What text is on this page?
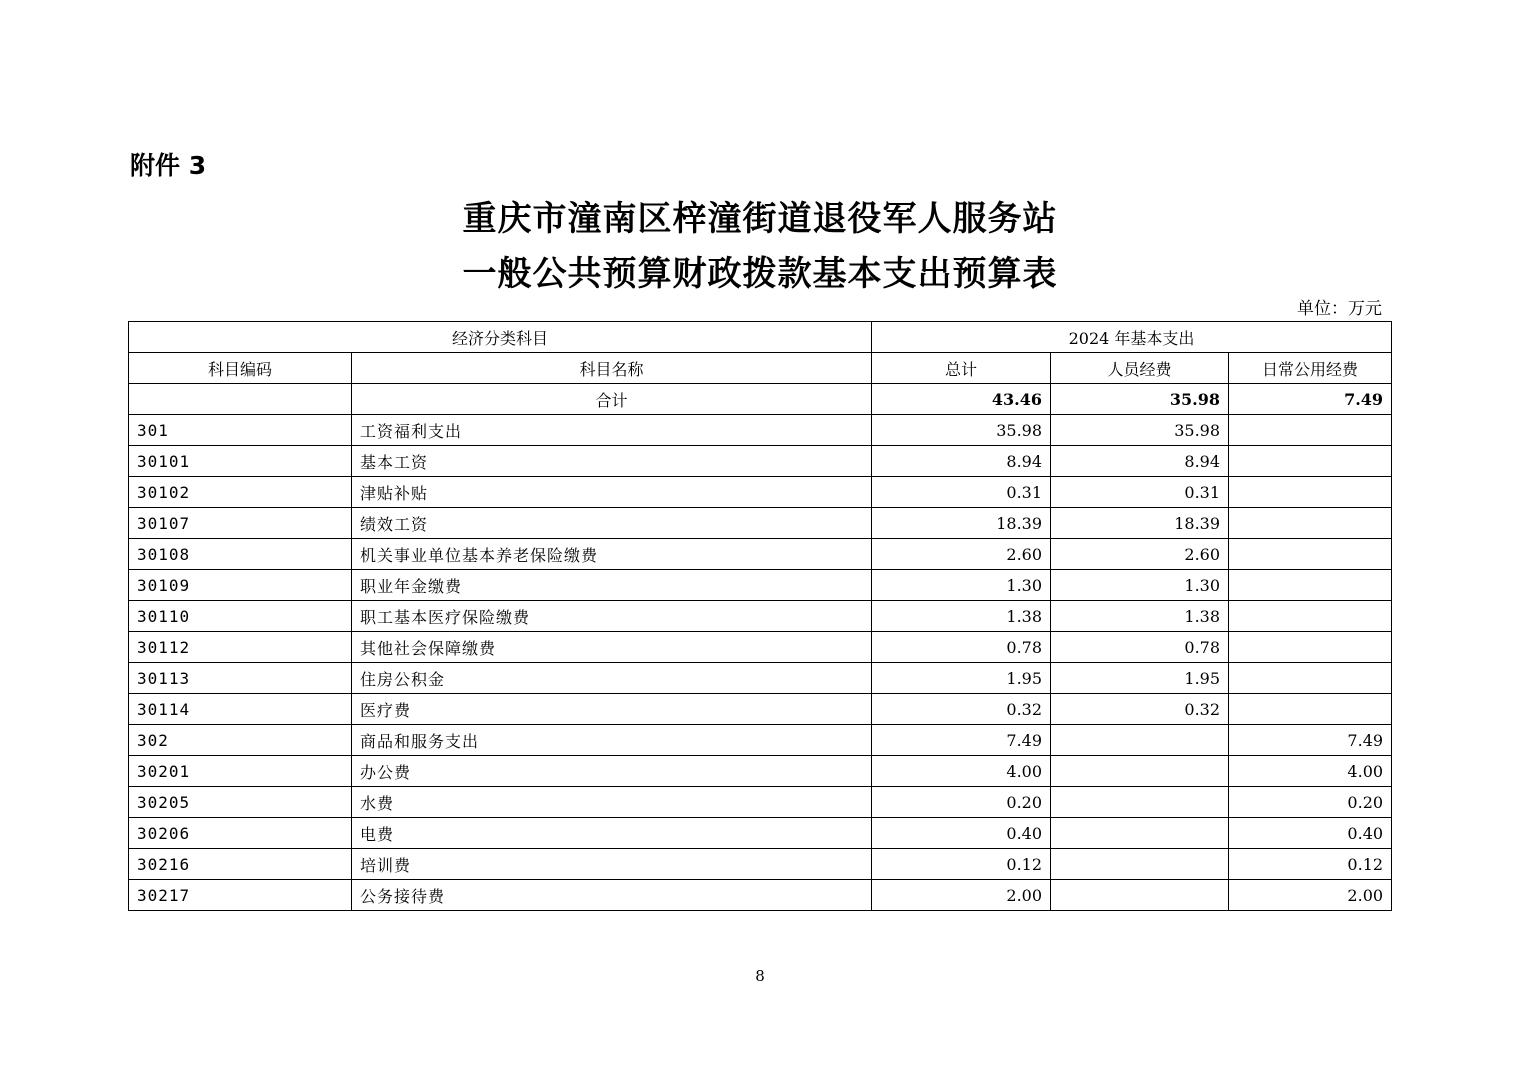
附件 3
重庆市潼南区梓潼街道退役军人服务站
一般公共预算财政拨款基本支出预算表
单位：万元
经济分类科目		2024 年基本支出		
科目编码	科目名称	总计	人员经费	日常公用经费
	合计	43.46	35.98	7.49
301	工资福利支出	35.98	35.98	
30101	基本工资	8.94	8.94	
30102	津贴补贴	0.31	0.31	
30107	绩效工资	18.39	18.39	
30108	机关事业单位基本养老保险缴费	2.60	2.60	
30109	职业年金缴费	1.30	1.30	
30110	职工基本医疗保险缴费	1.38	1.38	
30112	其他社会保障缴费	0.78	0.78	
30113	住房公积金	1.95	1.95	
30114	医疗费	0.32	0.32	
302	商品和服务支出	7.49		7.49
30201	办公费	4.00		4.00
30205	水费	0.20		0.20
30206	电费	0.40		0.40
30216	培训费	0.12		0.12
30217	公务接待费	2.00		2.00
8
